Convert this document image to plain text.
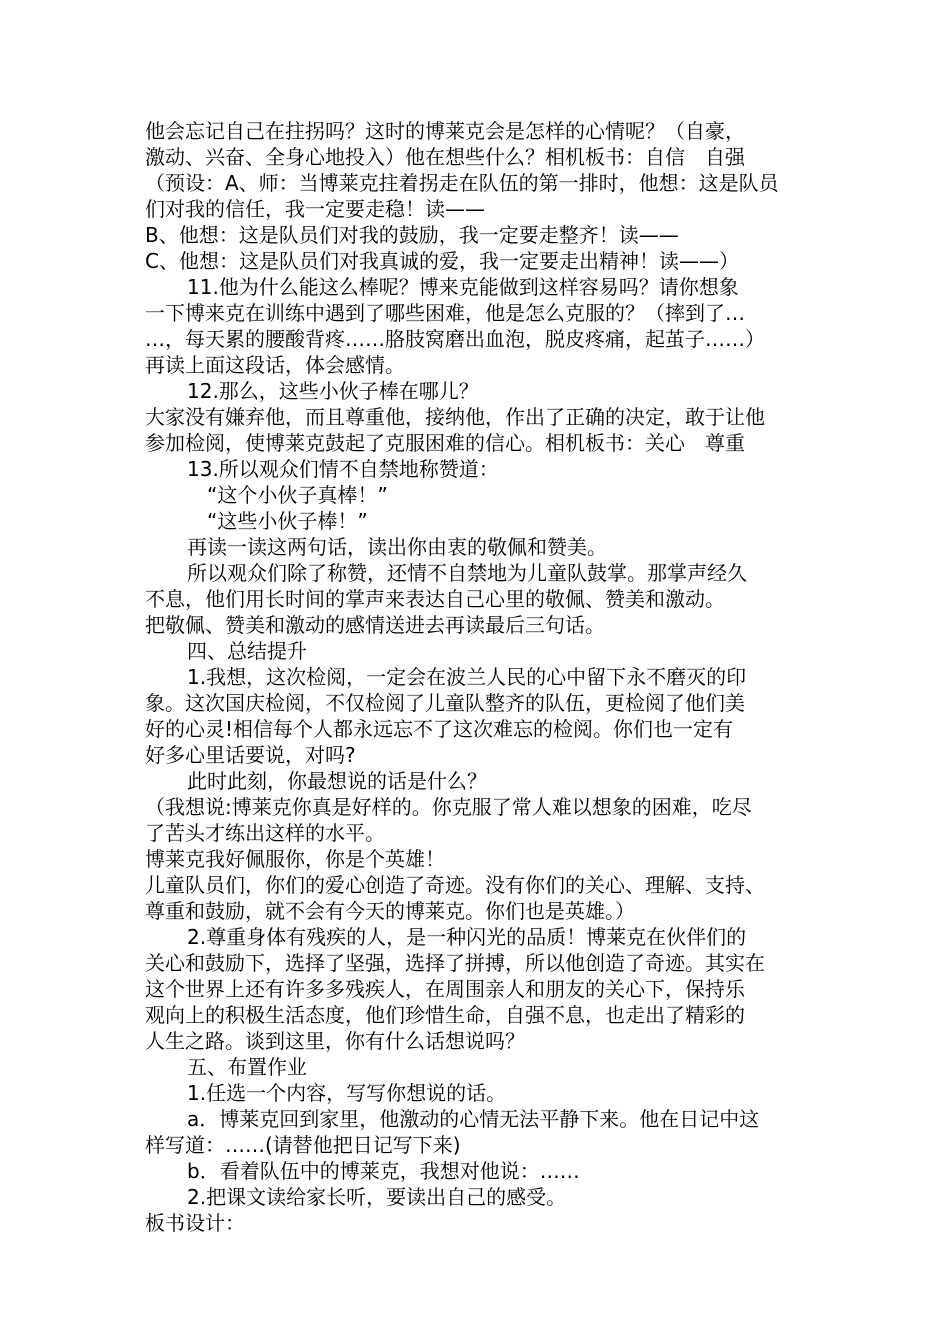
他会忘记自己在拄拐吗？这时的博莱克会是怎样的心情呢？（自豪，
激动、兴奋、全身心地投入）他在想些什么？相机板书：自信　自强
（预设：A、师：当博莱克拄着拐走在队伍的第一排时，他想：这是队员
们对我的信任，我一定要走稳！读——
B、他想：这是队员们对我的鼓励，我一定要走整齐！读——
C、他想：这是队员们对我真诚的爱，我一定要走出精神！读——）
11.他为什么能这么棒呢？博来克能做到这样容易吗？请你想象
一下博来克在训练中遇到了哪些困难，他是怎么克服的？（摔到了…
…，每天累的腰酸背疼……胳肢窝磨出血泡，脱皮疼痛，起茧子……）
再读上面这段话，体会感情。
12.那么，这些小伙子棒在哪儿？
大家没有嫌弃他，而且尊重他，接纳他，作出了正确的决定，敢于让他
参加检阅，使博莱克鼓起了克服困难的信心。相机板书：关心　尊重
13.所以观众们情不自禁地称赞道：
“这个小伙子真棒！”
“这些小伙子棒！”
再读一读这两句话，读出你由衷的敬佩和赞美。
所以观众们除了称赞，还情不自禁地为儿童队鼓掌。那掌声经久
不息，他们用长时间的掌声来表达自己心里的敬佩、赞美和激动。
把敬佩、赞美和激动的感情送进去再读最后三句话。
四、总结提升
1.我想，这次检阅，一定会在波兰人民的心中留下永不磨灭的印
象。这次国庆检阅，不仅检阅了儿童队整齐的队伍，更检阅了他们美
好的心灵!相信每个人都永远忘不了这次难忘的检阅。你们也一定有
好多心里话要说，对吗?
此时此刻，你最想说的话是什么？
（我想说:博莱克你真是好样的。你克服了常人难以想象的困难，吃尽
了苦头才练出这样的水平。
博莱克我好佩服你，你是个英雄！
儿童队员们，你们的爱心创造了奇迹。没有你们的关心、理解、支持、
尊重和鼓励，就不会有今天的博莱克。你们也是英雄。）
2.尊重身体有残疾的人，是一种闪光的品质！博莱克在伙伴们的
关心和鼓励下，选择了坚强，选择了拼搏，所以他创造了奇迹。其实在
这个世界上还有许多多残疾人，在周围亲人和朋友的关心下，保持乐
观向上的积极生活态度，他们珍惜生命，自强不息，也走出了精彩的
人生之路。谈到这里，你有什么话想说吗？
五、布置作业
1.任选一个内容，写写你想说的话。
a．博莱克回到家里，他激动的心情无法平静下来。他在日记中这
样写道：……(请替他把日记写下来)
b．看着队伍中的博莱克，我想对他说：……
2.把课文读给家长听，要读出自己的感受。
板书设计：
